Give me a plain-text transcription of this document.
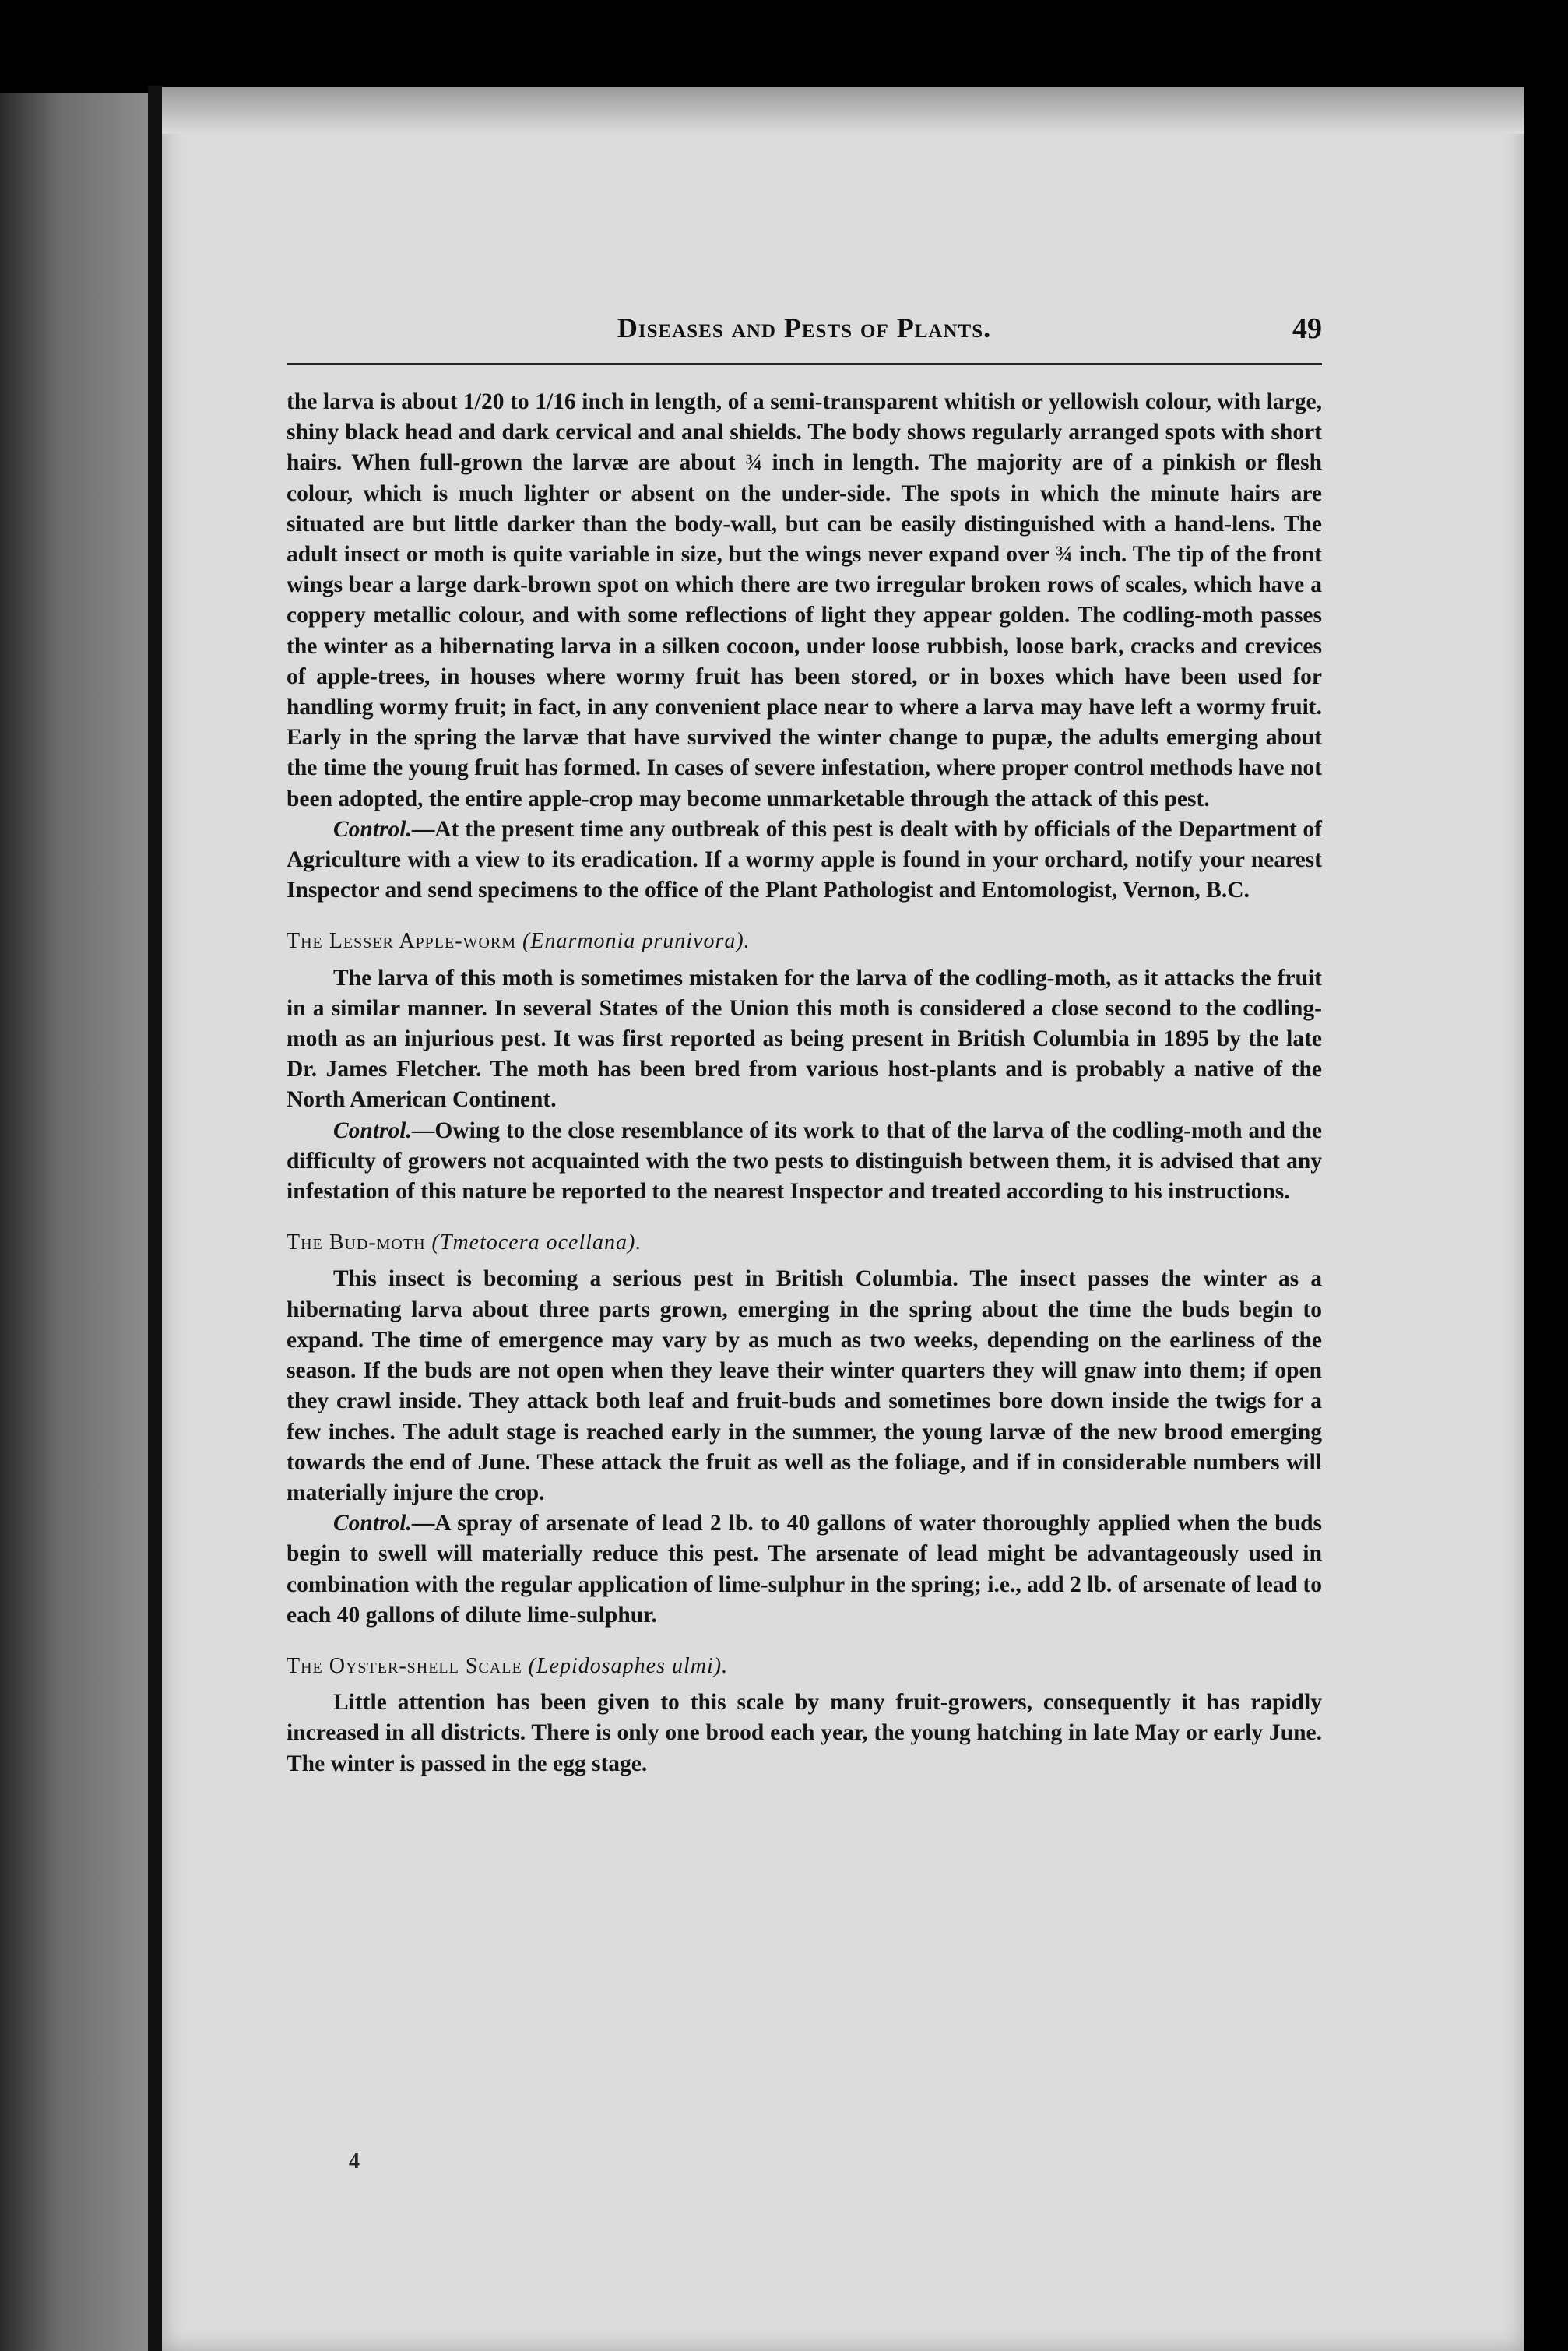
Diseases and Pests of Plants.	49

the larva is about 1/20 to 1/16 inch in length, of a semi-transparent whitish or yellowish colour, with large, shiny black head and dark cervical and anal shields. The body shows regularly arranged spots with short hairs. When full-grown the larvæ are about ¾ inch in length. The majority are of a pinkish or flesh colour, which is much lighter or absent on the under-side. The spots in which the minute hairs are situated are but little darker than the body-wall, but can be easily distinguished with a hand-lens. The adult insect or moth is quite variable in size, but the wings never expand over ¾ inch. The tip of the front wings bear a large dark-brown spot on which there are two irregular broken rows of scales, which have a coppery metallic colour, and with some reflections of light they appear golden. The codling-moth passes the winter as a hibernating larva in a silken cocoon, under loose rubbish, loose bark, cracks and crevices of apple-trees, in houses where wormy fruit has been stored, or in boxes which have been used for handling wormy fruit; in fact, in any convenient place near to where a larva may have left a wormy fruit. Early in the spring the larvæ that have survived the winter change to pupæ, the adults emerging about the time the young fruit has formed. In cases of severe infestation, where proper control methods have not been adopted, the entire apple-crop may become unmarketable through the attack of this pest.

Control.—At the present time any outbreak of this pest is dealt with by officials of the Department of Agriculture with a view to its eradication. If a wormy apple is found in your orchard, notify your nearest Inspector and send specimens to the office of the Plant Pathologist and Entomologist, Vernon, B.C.

The Lesser Apple-worm (Enarmonia prunivora).

The larva of this moth is sometimes mistaken for the larva of the codling-moth, as it attacks the fruit in a similar manner. In several States of the Union this moth is considered a close second to the codling-moth as an injurious pest. It was first reported as being present in British Columbia in 1895 by the late Dr. James Fletcher. The moth has been bred from various host-plants and is probably a native of the North American Continent.

Control.—Owing to the close resemblance of its work to that of the larva of the codling-moth and the difficulty of growers not acquainted with the two pests to distinguish between them, it is advised that any infestation of this nature be reported to the nearest Inspector and treated according to his instructions.

The Bud-moth (Tmetocera ocellana).

This insect is becoming a serious pest in British Columbia. The insect passes the winter as a hibernating larva about three parts grown, emerging in the spring about the time the buds begin to expand. The time of emergence may vary by as much as two weeks, depending on the earliness of the season. If the buds are not open when they leave their winter quarters they will gnaw into them; if open they crawl inside. They attack both leaf and fruit-buds and sometimes bore down inside the twigs for a few inches. The adult stage is reached early in the summer, the young larvæ of the new brood emerging towards the end of June. These attack the fruit as well as the foliage, and if in considerable numbers will materially injure the crop.

Control.—A spray of arsenate of lead 2 lb. to 40 gallons of water thoroughly applied when the buds begin to swell will materially reduce this pest. The arsenate of lead might be advantageously used in combination with the regular application of lime-sulphur in the spring; i.e., add 2 lb. of arsenate of lead to each 40 gallons of dilute lime-sulphur.

The Oyster-shell Scale (Lepidosaphes ulmi).

Little attention has been given to this scale by many fruit-growers, consequently it has rapidly increased in all districts. There is only one brood each year, the young hatching in late May or early June. The winter is passed in the egg stage.

4
